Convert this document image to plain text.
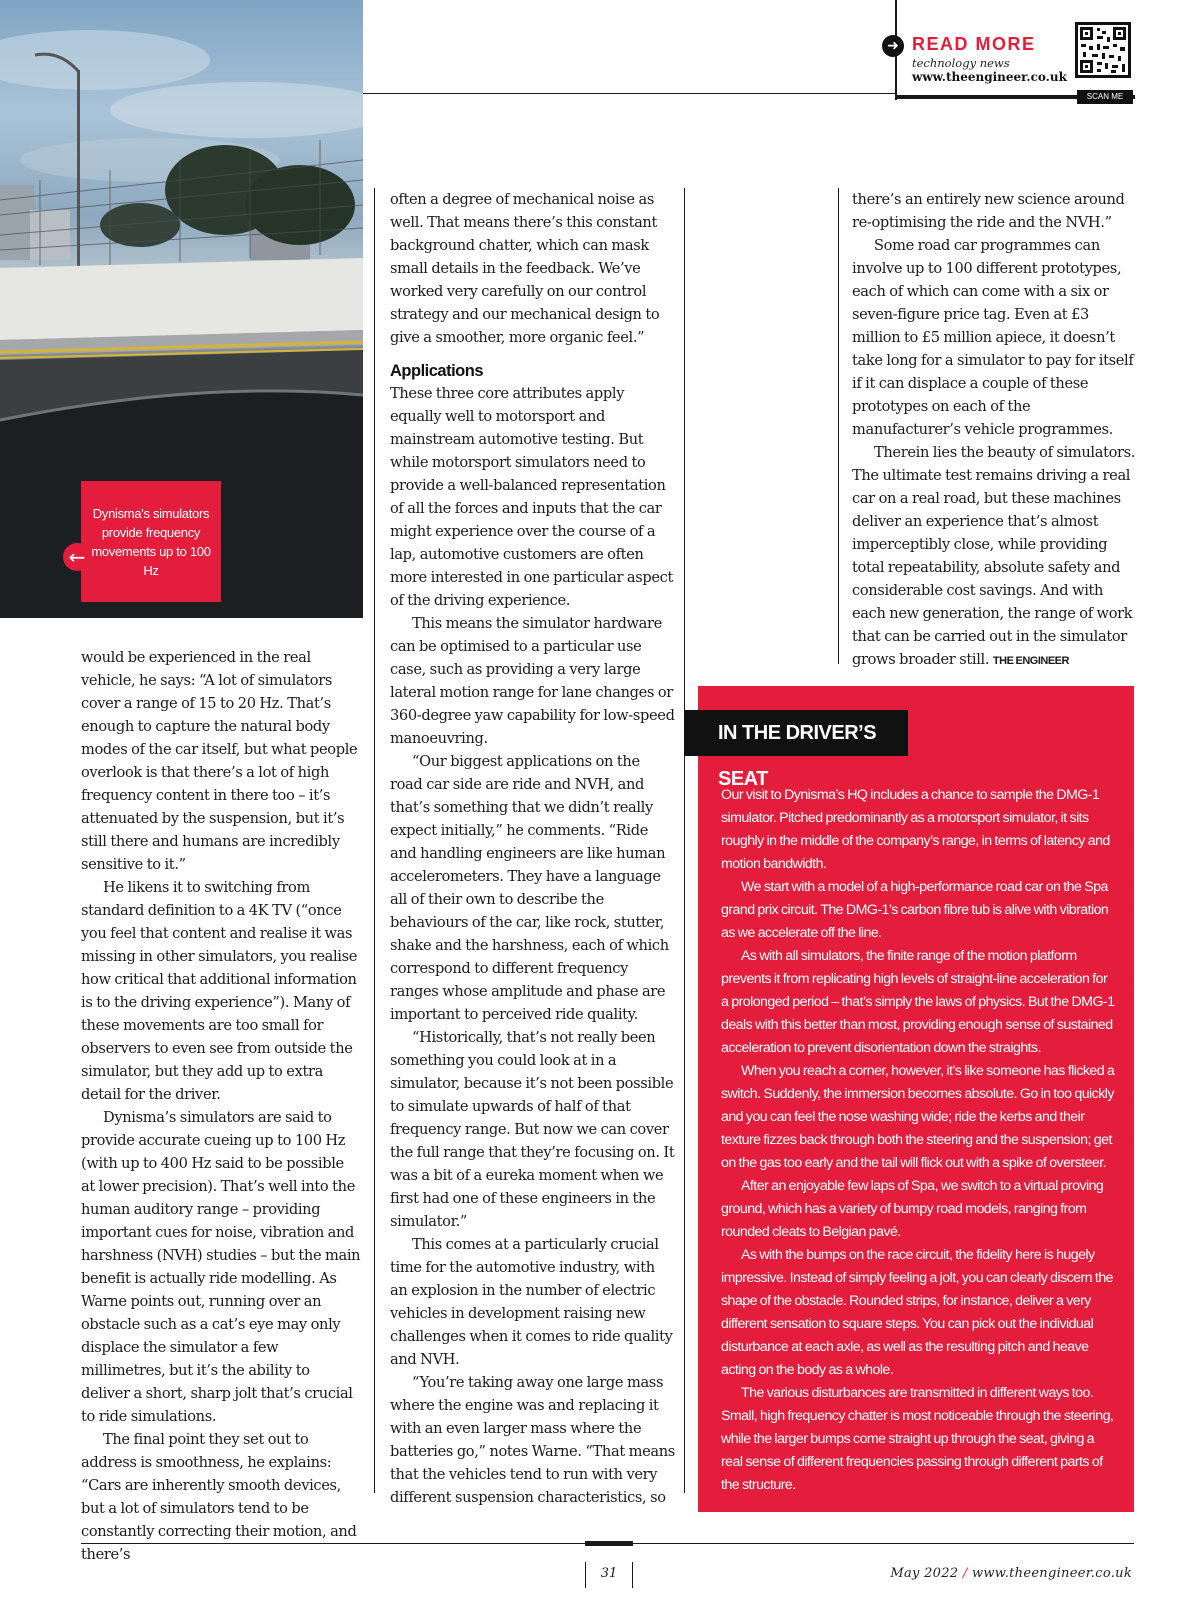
Dynisma's simulators provide frequency movements up to 100 Hz
←
➜ READ MORE
technology news
www.theengineer.co.uk
SCAN ME

would be experienced in the real vehicle, he says: “A lot of simulators cover a range of 15 to 20 Hz. That’s enough to capture the natural body modes of the car itself, but what people overlook is that there’s a lot of high frequency content in there too – it’s attenuated by the suspension, but it’s still there and humans are incredibly sensitive to it.”

He likens it to switching from standard definition to a 4K TV (“once you feel that content and realise it was missing in other simulators, you realise how critical that additional information is to the driving experience”). Many of these movements are too small for observers to even see from outside the simulator, but they add up to extra detail for the driver.

Dynisma’s simulators are said to provide accurate cueing up to 100 Hz (with up to 400 Hz said to be possible at lower precision). That’s well into the human auditory range – providing important cues for noise, vibration and harshness (NVH) studies – but the main benefit is actually ride modelling. As Warne points out, running over an obstacle such as a cat’s eye may only displace the simulator a few millimetres, but it’s the ability to deliver a short, sharp jolt that’s crucial to ride simulations.

The final point they set out to address is smoothness, he explains: “Cars are inherently smooth devices, but a lot of simulators tend to be constantly correcting their motion, and there’s

often a degree of mechanical noise as well. That means there’s this constant background chatter, which can mask small details in the feedback. We’ve worked very carefully on our control strategy and our mechanical design to give a smoother, more organic feel.”

Applications

These three core attributes apply equally well to motorsport and mainstream automotive testing. But while motorsport simulators need to provide a well-balanced representation of all the forces and inputs that the car might experience over the course of a lap, automotive customers are often more interested in one particular aspect of the driving experience.

This means the simulator hardware can be optimised to a particular use case, such as providing a very large lateral motion range for lane changes or 360-degree yaw capability for low-speed manoeuvring.

“Our biggest applications on the road car side are ride and NVH, and that’s something that we didn’t really expect initially,” he comments. “Ride and handling engineers are like human accelerometers. They have a language all of their own to describe the behaviours of the car, like rock, stutter, shake and the harshness, each of which correspond to different frequency ranges whose amplitude and phase are important to perceived ride quality.

“Historically, that’s not really been something you could look at in a simulator, because it’s not been possible to simulate upwards of half of that frequency range. But now we can cover the full range that they’re focusing on. It was a bit of a eureka moment when we first had one of these engineers in the simulator.”

This comes at a particularly crucial time for the automotive industry, with an explosion in the number of electric vehicles in development raising new challenges when it comes to ride quality and NVH.

“You’re taking away one large mass where the engine was and replacing it with an even larger mass where the batteries go,” notes Warne. “That means that the vehicles tend to run with very different suspension characteristics, so

there’s an entirely new science around re-optimising the ride and the NVH.”

Some road car programmes can involve up to 100 different prototypes, each of which can come with a six or seven-figure price tag. Even at £3 million to £5 million apiece, it doesn’t take long for a simulator to pay for itself if it can displace a couple of these prototypes on each of the manufacturer’s vehicle programmes.

Therein lies the beauty of simulators. The ultimate test remains driving a real car on a real road, but these machines deliver an experience that’s almost imperceptibly close, while providing total repeatability, absolute safety and considerable cost savings. And with each new generation, the range of work that can be carried out in the simulator grows broader still. THE ENGINEER

IN THE DRIVER’S SEAT

Our visit to Dynisma’s HQ includes a chance to sample the DMG-1 simulator. Pitched predominantly as a motorsport simulator, it sits roughly in the middle of the company’s range, in terms of latency and motion bandwidth.

We start with a model of a high-performance road car on the Spa grand prix circuit. The DMG-1’s carbon fibre tub is alive with vibration as we accelerate off the line.

As with all simulators, the finite range of the motion platform prevents it from replicating high levels of straight-line acceleration for a prolonged period – that’s simply the laws of physics. But the DMG-1 deals with this better than most, providing enough sense of sustained acceleration to prevent disorientation down the straights.

When you reach a corner, however, it’s like someone has flicked a switch. Suddenly, the immersion becomes absolute. Go in too quickly and you can feel the nose washing wide; ride the kerbs and their texture fizzes back through both the steering and the suspension; get on the gas too early and the tail will flick out with a spike of oversteer.

After an enjoyable few laps of Spa, we switch to a virtual proving ground, which has a variety of bumpy road models, ranging from rounded cleats to Belgian pavé.

As with the bumps on the race circuit, the fidelity here is hugely impressive. Instead of simply feeling a jolt, you can clearly discern the shape of the obstacle. Rounded strips, for instance, deliver a very different sensation to square steps. You can pick out the individual disturbance at each axle, as well as the resulting pitch and heave acting on the body as a whole.

The various disturbances are transmitted in different ways too. Small, high frequency chatter is most noticeable through the steering, while the larger bumps come straight up through the seat, giving a real sense of different frequencies passing through different parts of the structure.

31	May 2022 / www.theengineer.co.uk
